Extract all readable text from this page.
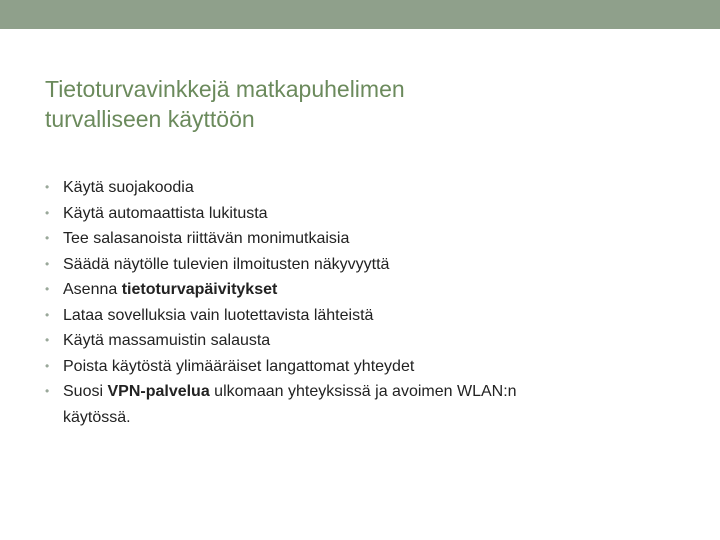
Tietoturvavinkkejä matkapuhelimen
turvalliseen käyttöön
• Käytä suojakoodia
• Käytä automaattista lukitusta
• Tee salasanoista riittävän monimutkaisia
• Säädä näytölle tulevien ilmoitusten näkyvyyttä
• Asenna tietoturvapäivitykset
• Lataa sovelluksia vain luotettavista lähteistä
• Käytä massamuistin salausta
• Poista käytöstä ylimääräiset langattomat yhteydet
• Suosi VPN-palvelua ulkomaan yhteyksissä ja avoimen WLAN:n käytössä.
